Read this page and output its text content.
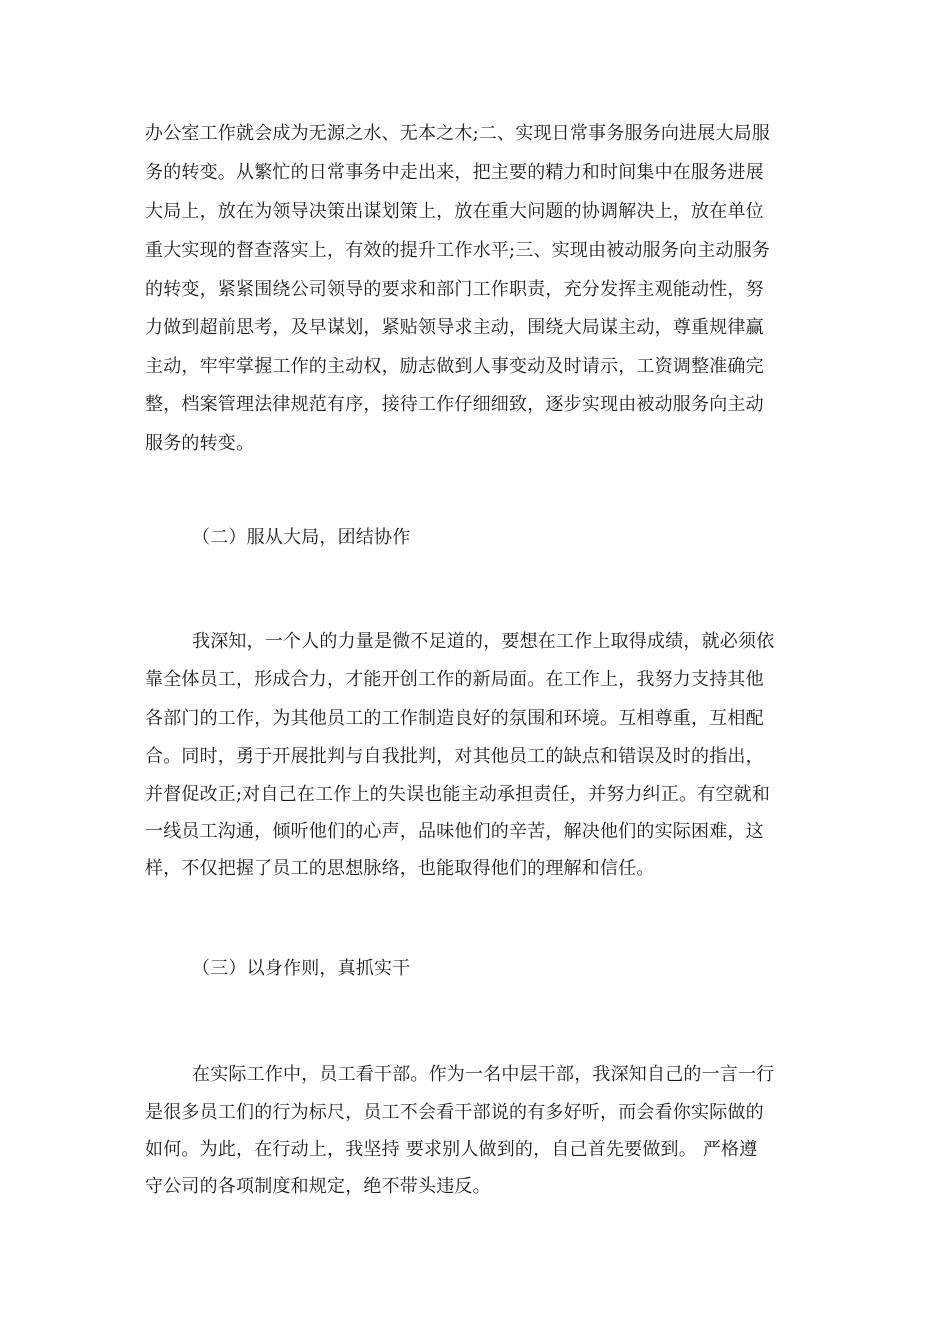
办公室工作就会成为无源之水、无本之木;二、实现日常事务服务向进展大局服
务的转变。从繁忙的日常事务中走出来，把主要的精力和时间集中在服务进展
大局上，放在为领导决策出谋划策上，放在重大问题的协调解决上，放在单位
重大实现的督查落实上，有效的提升工作水平;三、实现由被动服务向主动服务
的转变，紧紧围绕公司领导的要求和部门工作职责，充分发挥主观能动性，努
力做到超前思考，及早谋划，紧贴领导求主动，围绕大局谋主动，尊重规律赢
主动，牢牢掌握工作的主动权，励志做到人事变动及时请示，工资调整准确完
整，档案管理法律规范有序，接待工作仔细细致，逐步实现由被动服务向主动
服务的转变。
（二）服从大局，团结协作
我深知，一个人的力量是微不足道的，要想在工作上取得成绩，就必须依
靠全体员工，形成合力，才能开创工作的新局面。在工作上，我努力支持其他
各部门的工作，为其他员工的工作制造良好的氛围和环境。互相尊重，互相配
合。同时，勇于开展批判与自我批判，对其他员工的缺点和错误及时的指出，
并督促改正;对自己在工作上的失误也能主动承担责任，并努力纠正。有空就和
一线员工沟通，倾听他们的心声，品味他们的辛苦，解决他们的实际困难，这
样，不仅把握了员工的思想脉络，也能取得他们的理解和信任。
（三）以身作则，真抓实干
在实际工作中，员工看干部。作为一名中层干部，我深知自己的一言一行
是很多员工们的行为标尺，员工不会看干部说的有多好听，而会看你实际做的
如何。为此，在行动上，我坚持 要求别人做到的，自己首先要做到。 严格遵
守公司的各项制度和规定，绝不带头违反。
